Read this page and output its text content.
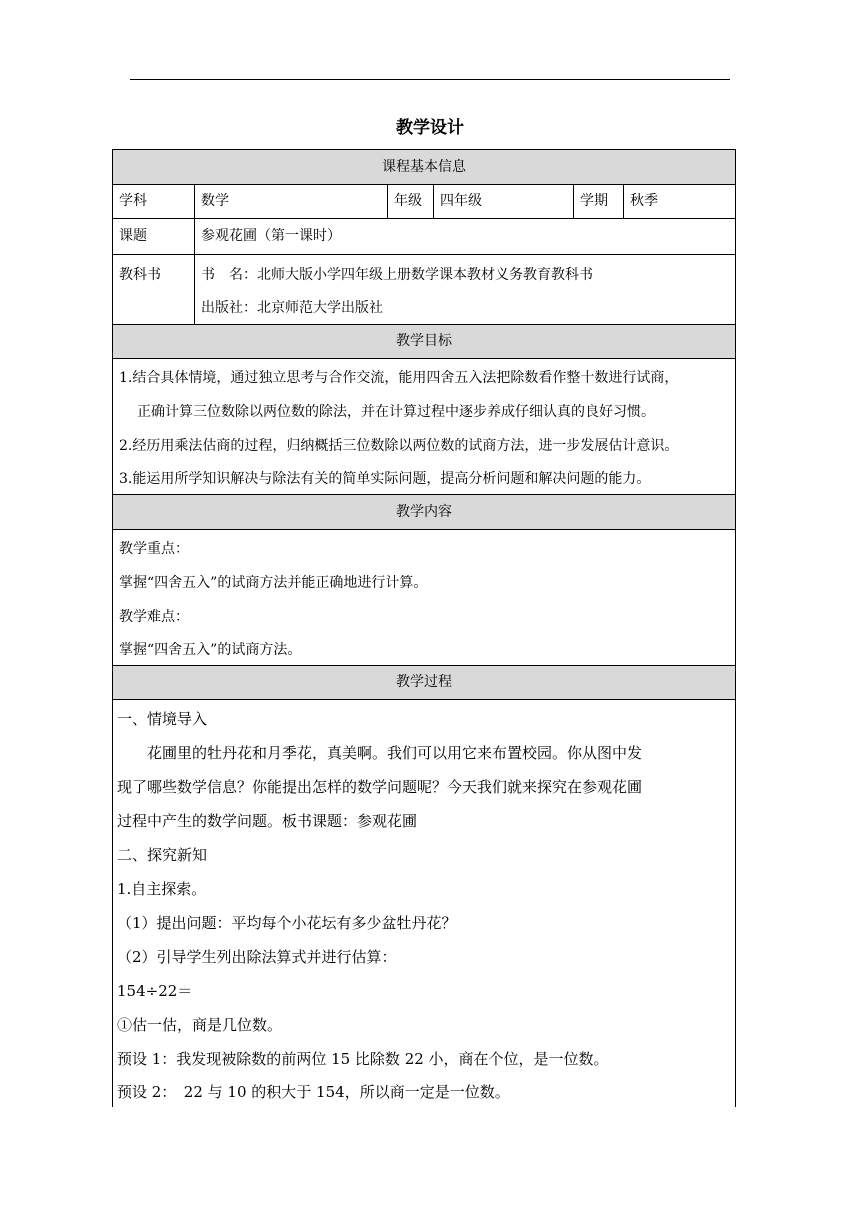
教学设计
课程基本信息
学科	数学	年级	四年级	学期	秋季
课题	参观花圃（第一课时）
教科书	书　名：北师大版小学四年级上册数学课本教材义务教育教科书
出版社：北京师范大学出版社
教学目标
1.结合具体情境，通过独立思考与合作交流，能用四舍五入法把除数看作整十数进行试商，
正确计算三位数除以两位数的除法，并在计算过程中逐步养成仔细认真的良好习惯。
2.经历用乘法估商的过程，归纳概括三位数除以两位数的试商方法，进一步发展估计意识。
3.能运用所学知识解决与除法有关的简单实际问题，提高分析问题和解决问题的能力。
教学内容
教学重点：
掌握“四舍五入”的试商方法并能正确地进行计算。
教学难点：
掌握“四舍五入”的试商方法。
教学过程
一、情境导入
花圃里的牡丹花和月季花，真美啊。我们可以用它来布置校园。你从图中发
现了哪些数学信息？你能提出怎样的数学问题呢？今天我们就来探究在参观花圃
过程中产生的数学问题。板书课题：参观花圃
二、探究新知
1.自主探索。
（1）提出问题：平均每个小花坛有多少盆牡丹花？
（2）引导学生列出除法算式并进行估算：
154÷22＝
①估一估，商是几位数。
预设 1：我发现被除数的前两位 15 比除数 22 小，商在个位，是一位数。
预设 2：　22 与 10 的积大于 154，所以商一定是一位数。
